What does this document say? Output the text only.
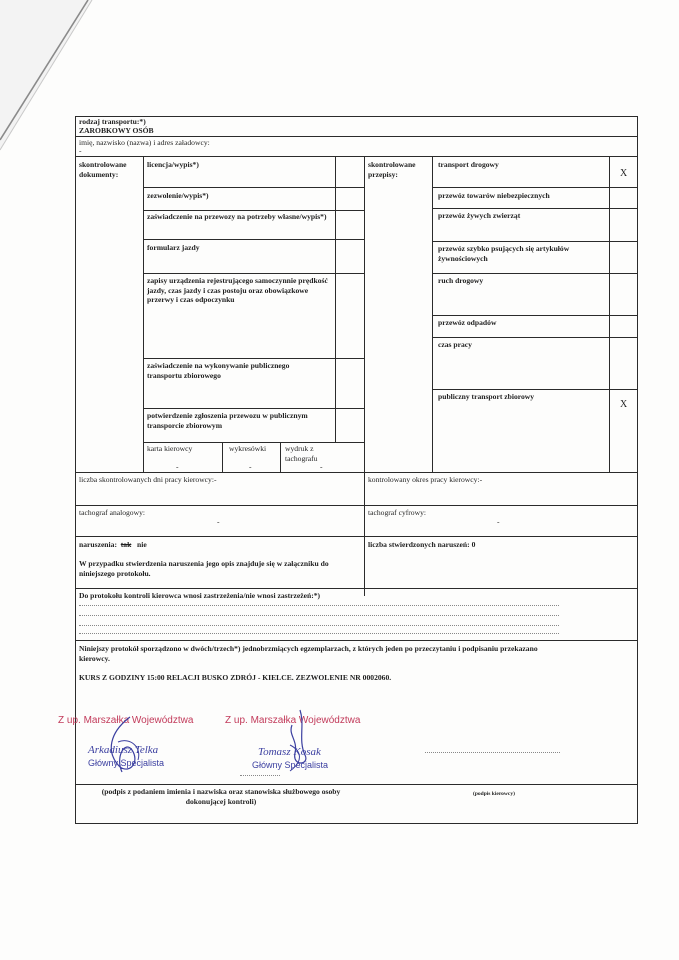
rodzaj transportu:*)
ZAROBKOWY OSÓB
imię, nazwisko (nazwa) i adres załadowcy:
-
skontrolowane dokumenty:
skontrolowane przepisy:
licencja/wypis*)
zezwolenie/wypis*)
zaświadczenie na przewozy na potrzeby własne/wypis*)
formularz jazdy
zapisy urządzenia rejestrującego samoczynnie prędkość jazdy, czas jazdy i czas postoju oraz obowiązkowe przerwy i czas odpoczynku
zaświadczenie na wykonywanie publicznego transportu zbiorowego
potwierdzenie zgłoszenia przewozu w publicznym transporcie zbiorowym
karta kierowcy
-
wykresówki
-
wydruk z tachografu
-
transport drogowy
X
przewóz towarów niebezpiecznych
przewóz żywych zwierząt
przewóz szybko psujących się artykułów żywnościowych
ruch drogowy
przewóz odpadów
czas pracy
publiczny transport zbiorowy
X
liczba skontrolowanych dni pracy kierowcy:-	kontrolowany okres pracy kierowcy:-
tachograf analogowy:
-
tachograf cyfrowy:
-
naruszenia: tak nie
W przypadku stwierdzenia naruszenia jego opis znajduje się w załączniku do niniejszego protokołu.
liczba stwierdzonych naruszeń: 0
Do protokołu kontroli kierowca wnosi zastrzeżenia/nie wnosi zastrzeżeń:*)
Niniejszy protokół sporządzono w dwóch/trzech*) jednobrzmiących egzemplarzach, z których jeden po przeczytaniu i podpisaniu przekazano kierowcy.
KURS Z GODZINY 15:00 RELACJI BUSKO ZDRÓJ - KIELCE. ZEZWOLENIE NR 0002060.
Z up. Marszałka Województwa
Arkadiusz Telka
Główny Specjalista
Z up. Marszałka Województwa
Tomasz Kosak
Główny Specjalista
(podpis z podaniem imienia i nazwiska oraz stanowiska służbowego osoby dokonującej kontroli)
(podpis kierowcy)
